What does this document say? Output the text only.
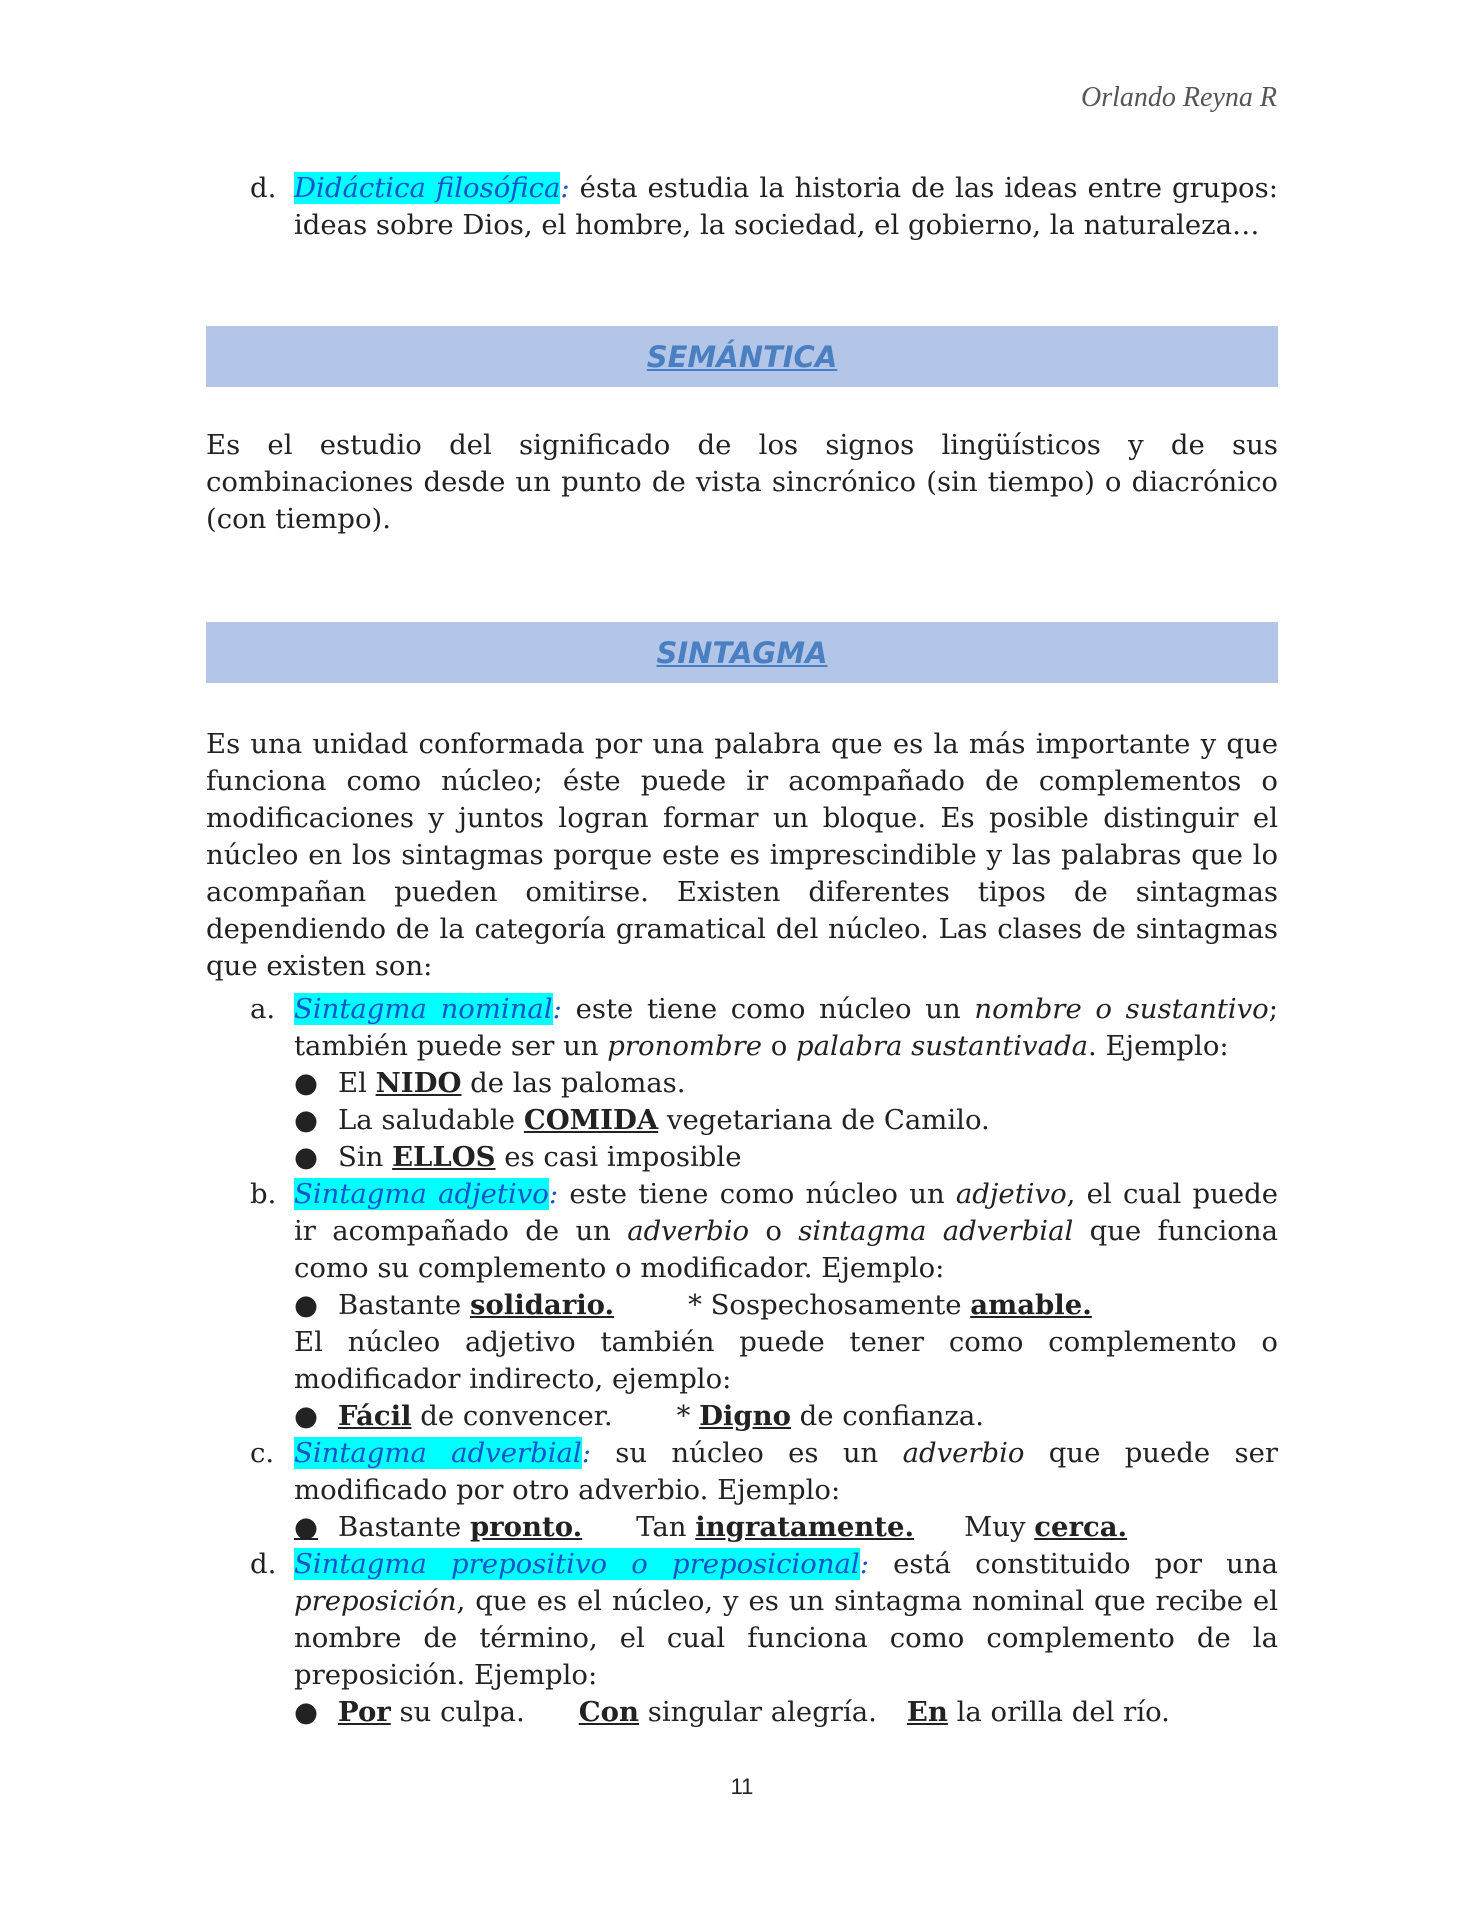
Orlando Reyna R

d. Didáctica filosófica: ésta estudia la historia de las ideas entre grupos: ideas sobre Dios, el hombre, la sociedad, el gobierno, la naturaleza…

SEMÁNTICA

Es el estudio del significado de los signos lingüísticos y de sus combinaciones desde un punto de vista sincrónico (sin tiempo) o diacrónico (con tiempo).

SINTAGMA

Es una unidad conformada por una palabra que es la más importante y que funciona como núcleo; éste puede ir acompañado de complementos o modificaciones y juntos logran formar un bloque. Es posible distinguir el núcleo en los sintagmas porque este es imprescindible y las palabras que lo acompañan pueden omitirse. Existen diferentes tipos de sintagmas dependiendo de la categoría gramatical del núcleo. Las clases de sintagmas que existen son:

a. Sintagma nominal: este tiene como núcleo un nombre o sustantivo; también puede ser un pronombre o palabra sustantivada. Ejemplo:

● El NIDO de las palomas.
● La saludable COMIDA vegetariana de Camilo.
● Sin ELLOS es casi imposible

b. Sintagma adjetivo: este tiene como núcleo un adjetivo, el cual puede ir acompañado de un adverbio o sintagma adverbial que funciona como su complemento o modificador. Ejemplo:

● Bastante solidario.	* Sospechosamente amable.

El núcleo adjetivo también puede tener como complemento o modificador indirecto, ejemplo:

● Fácil de convencer. * Digno de confianza.

c. Sintagma adverbial: su núcleo es un adverbio que puede ser modificado por otro adverbio. Ejemplo:

● Bastante pronto. Tan ingratamente. Muy cerca.

d. Sintagma prepositivo o preposicional: está constituido por una preposición, que es el núcleo, y es un sintagma nominal que recibe el nombre de término, el cual funciona como complemento de la preposición. Ejemplo:

● Por su culpa. Con singular alegría. En la orilla del río.
11
